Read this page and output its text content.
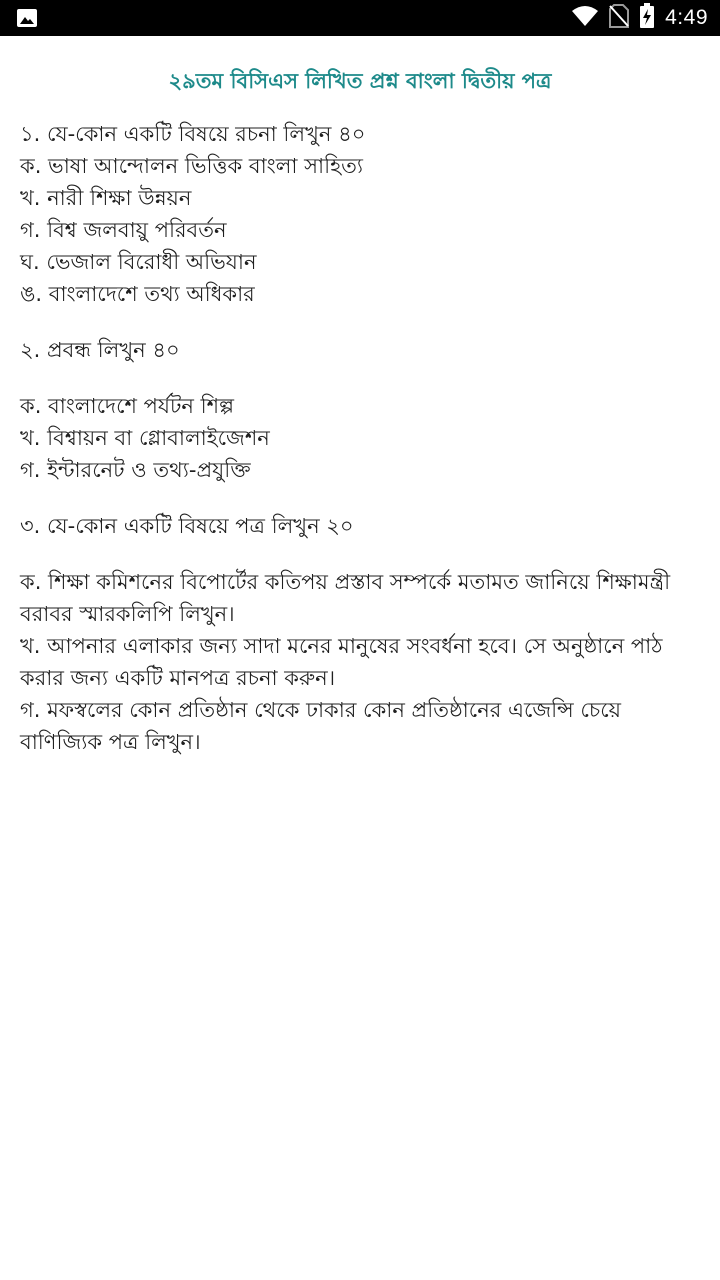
4:49
২৯তম বিসিএস লিখিত প্রশ্ন বাংলা দ্বিতীয় পত্র
১. যে-কোন একটি বিষয়ে রচনা লিখুন ৪০
ক. ভাষা আন্দোলন ভিত্তিক বাংলা সাহিত্য
খ. নারী শিক্ষা উন্নয়ন
গ. বিশ্ব জলবায়ু পরিবর্তন
ঘ. ভেজাল বিরোধী অভিযান
ঙ. বাংলাদেশে তথ্য অধিকার
২. প্রবন্ধ লিখুন ৪০
ক. বাংলাদেশে পর্যটন শিল্প
খ. বিশ্বায়ন বা গ্লোবালাইজেশন
গ. ইন্টারনেট ও তথ্য-প্রযুক্তি
৩. যে-কোন একটি বিষয়ে পত্র লিখুন ২০
ক. শিক্ষা কমিশনের বিপোর্টের কতিপয় প্রস্তাব সম্পর্কে মতামত জানিয়ে শিক্ষামন্ত্রী বরাবর স্মারকলিপি লিখুন।
খ. আপনার এলাকার জন্য সাদা মনের মানুষের সংবর্ধনা হবে। সে অনুষ্ঠানে পাঠ করার জন্য একটি মানপত্র রচনা করুন।
গ. মফস্বলের কোন প্রতিষ্ঠান থেকে ঢাকার কোন প্রতিষ্ঠানের এজেন্সি চেয়ে বাণিজ্যিক পত্র লিখুন।
